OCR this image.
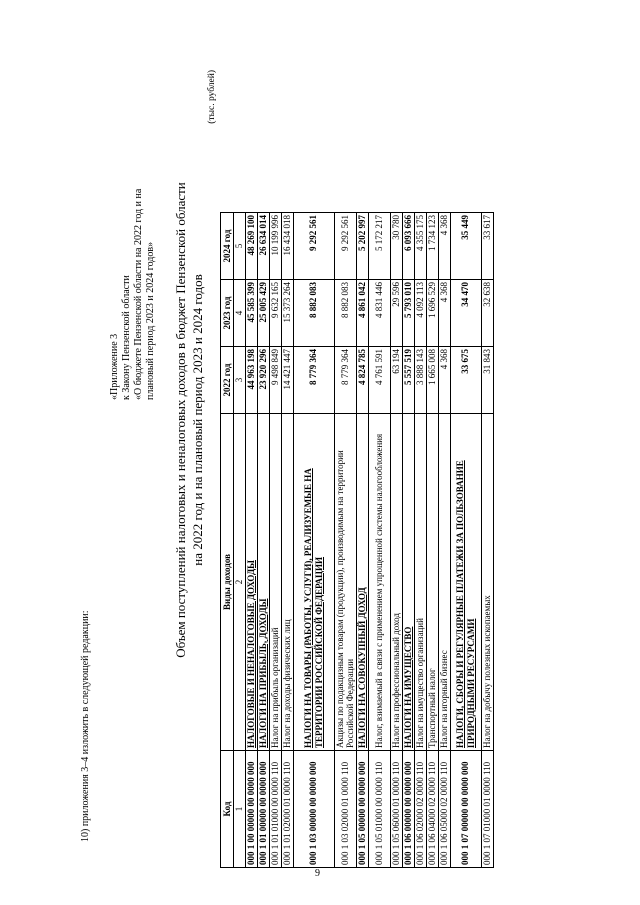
9
10) приложения 3–4 изложить в следующей редакции:
«Приложение 3 к Закону Пензенской области «О бюджете Пензенской области на 2022 год и на плановый период 2023 и 2024 годов» Объем поступлений налоговых и неналоговых доходов в бюджет Пензенской области на 2022 год и на плановый период 2023 и 2024 годов
(тыс. рублей)
Код	Виды доходов	2022 год	2023 год	2024 год
1	2	3	4	5
000 1 00 00000 00 0000 000	НАЛОГОВЫЕ И НЕНАЛОГОВЫЕ ДОХОДЫ	44 963 198	45 585 399	48 269 100
000 1 01 00000 00 0000 000	НАЛОГИ НА ПРИБЫЛЬ, ДОХОДЫ	23 920 296	25 005 429	26 634 014
000 1 01 01000 00 0000 110	Налог на прибыль организаций	9 498 849	9 632 165	10 199 996
000 1 01 02000 01 0000 110	Налог на доходы физических лиц	14 421 447	15 373 264	16 434 018
000 1 03 00000 00 0000 000	НАЛОГИ НА ТОВАРЫ (РАБОТЫ, УСЛУГИ), РЕАЛИЗУЕМЫЕ НА ТЕРРИТОРИИ РОССИЙСКОЙ ФЕДЕРАЦИИ	8 779 364	8 882 083	9 292 561
000 1 03 02000 01 0000 110	Акцизы по подакцизным товарам (продукции), производимым на территории Российской Федерации	8 779 364	8 882 083	9 292 561
000 1 05 00000 00 0000 000	НАЛОГИ НА СОВОКУПНЫЙ ДОХОД	4 824 785	4 861 042	5 202 997
000 1 05 01000 00 0000 110	Налог, взимаемый в связи с применением упрощенной системы налогообложения	4 761 591	4 831 446	5 172 217
000 1 05 06000 01 0000 110	Налог на профессиональный доход	63 194	29 596	30 780
000 1 06 00000 00 0000 000	НАЛОГИ НА ИМУЩЕСТВО	5 557 519	5 793 010	6 093 666
000 1 06 02000 02 0000 110	Налог на имущество организаций	3 888 143	4 092 113	4 355 175
000 1 06 04000 02 0000 110	Транспортный налог	1 665 008	1 696 529	1 734 123
000 1 06 05000 02 0000 110	Налог на игорный бизнес	4 368	4 368	4 368
000 1 07 00000 00 0000 000	НАЛОГИ, СБОРЫ И РЕГУЛЯРНЫЕ ПЛАТЕЖИ ЗА ПОЛЬЗОВАНИЕ ПРИРОДНЫМИ РЕСУРСАМИ	33 675	34 470	35 449
000 1 07 01000 01 0000 110	Налог на добычу полезных ископаемых	31 843	32 638	33 617
